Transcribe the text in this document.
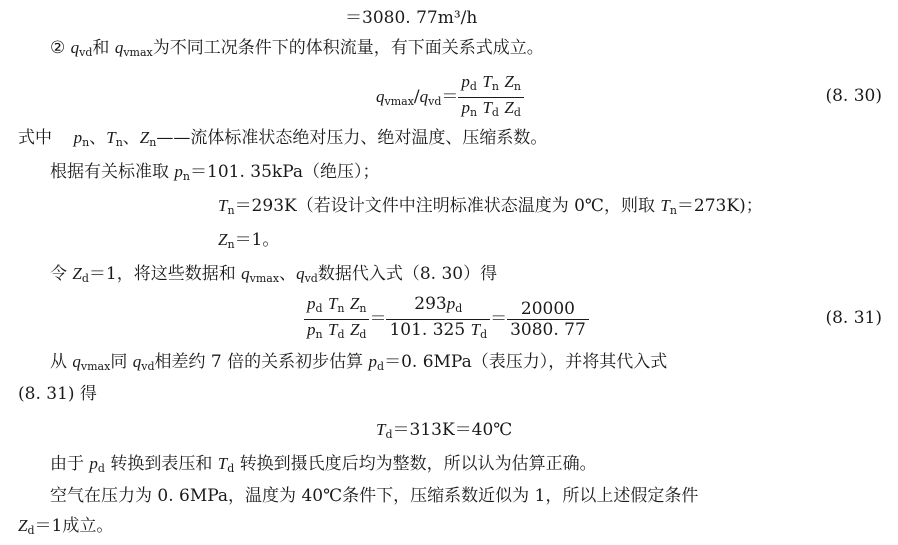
＝3080. 77m³/h
② $q_{vd}$和 $q_{vmax}$为不同工况条件下的体积流量，有下面关系式成立。
$q_{vmax}/q_{vd}= \frac{p_d T_n Z_n}{p_n T_d Z_d}$	(8. 30)
式中 $p_n$、$T_n$、$Z_n——$流体标准状态绝对压力、绝对温度、压缩系数。
根据有关标准取 $p_n=101$. 35kPa（绝压）；
$T_n=293K$（若设计文件中注明标准状态温度为 0℃，则取 $T_n=273K$)；
$Z_n=1$。
令 $Z_d=1$，将这些数据和 $q_{vmax}$、$q_{vd}$数据代入式（8. 30）得
$\frac{p_d T_n Z_n}{p_n T_d Z_d} = \frac{293p_d}{101. 325 T_d} = \frac{20000}{3080. 77}$	(8. 31)
从 $q_{vmax}$同 $q_{vd}$相差约 7 倍的关系初步估算 $p_d=0$. 6MPa（表压力），并将其代入式
(8. 31) 得
$T_d=313K=40℃$
由于 $p_d$ 转换到表压和 $T_d$ 转换到摄氏度后均为整数，所以认为估算正确。
空气在压力为 0. 6MPa，温度为 40℃条件下，压缩系数近似为 1，所以上述假定条件
$Z_d=1$成立。
